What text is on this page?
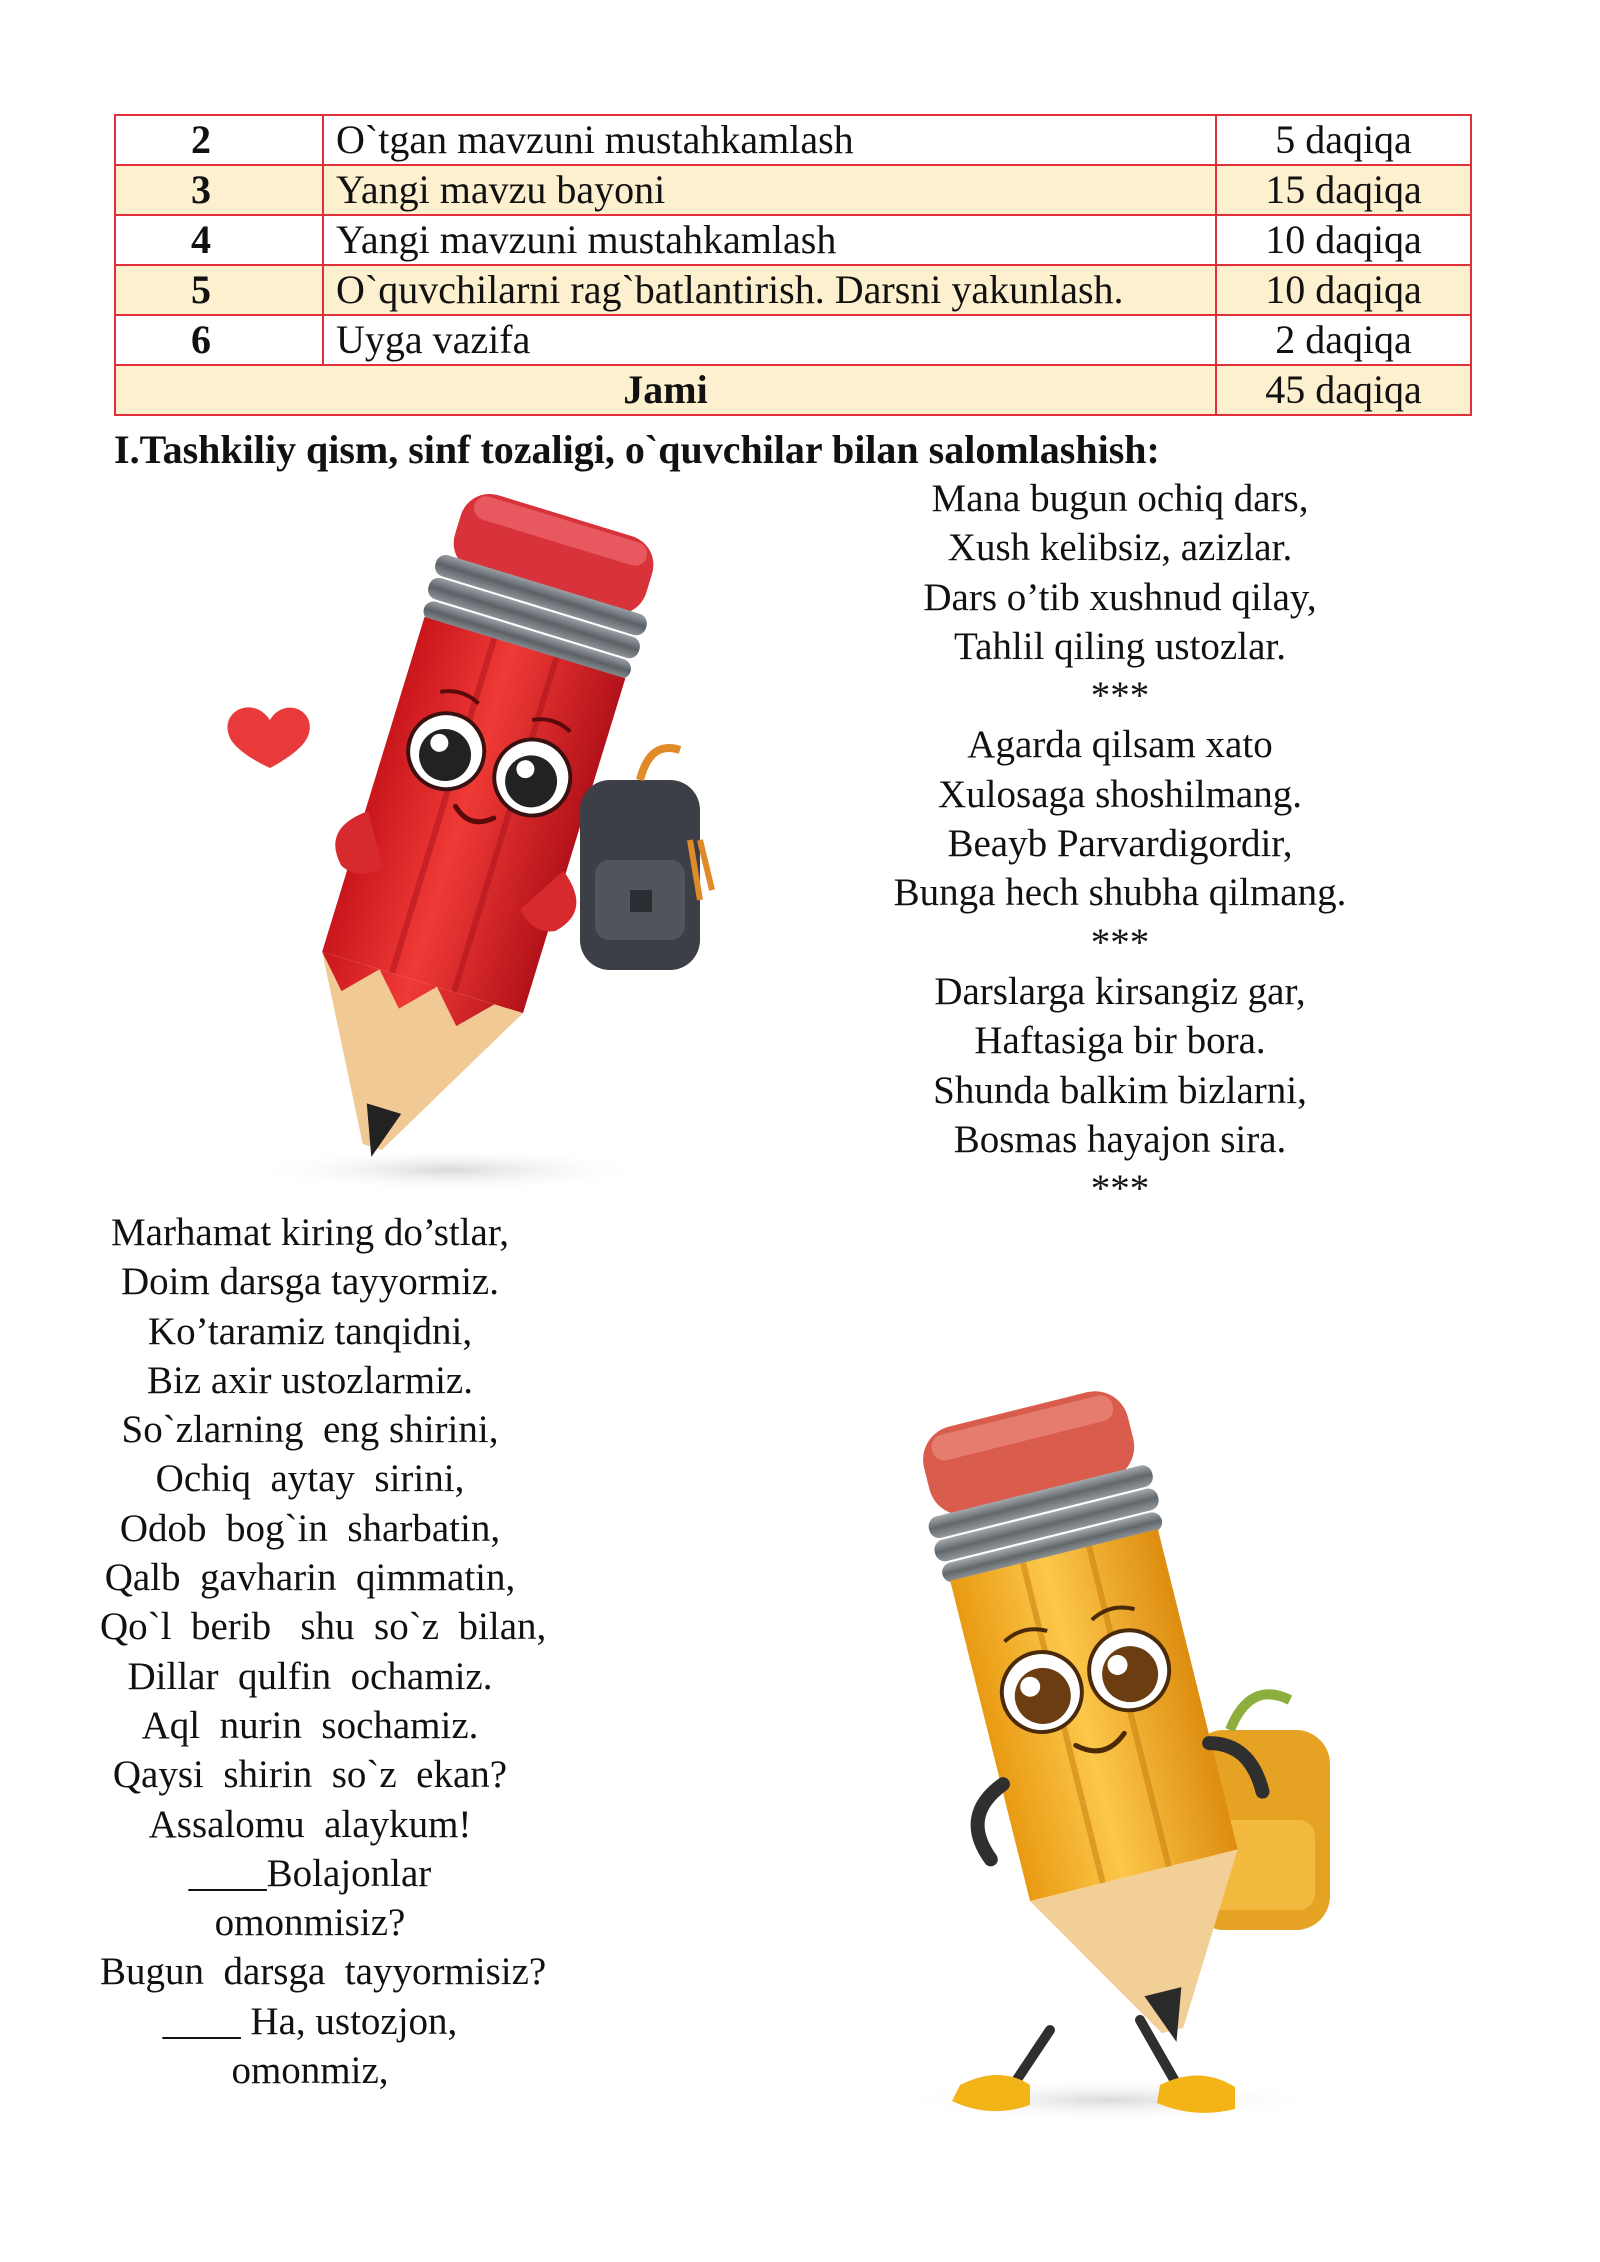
2	O`tgan mavzuni mustahkamlash	5 daqiqa
3	Yangi mavzu bayoni	15 daqiqa
4	Yangi mavzuni mustahkamlash	10 daqiqa
5	O`quvchilarni rag`batlantirish. Darsni yakunlash.	10 daqiqa
6	Uyga vazifa	2 daqiqa
Jami		45 daqiqa
I.Tashkiliy qism, sinf tozaligi, o`quvchilar bilan salomlashish:
Mana bugun ochiq dars,
Xush kelibsiz, azizlar.
Dars o’tib xushnud qilay,
Tahlil qiling ustozlar.
***
Agarda qilsam xato
Xulosaga shoshilmang.
Beayb Parvardigordir,
Bunga hech shubha qilmang.
***
Darslarga kirsangiz gar,
Haftasiga bir bora.
Shunda balkim bizlarni,
Bosmas hayajon sira.
***
Marhamat kiring do’stlar,
Doim darsga tayyormiz.
Ko’taramiz tanqidni,
Biz axir ustozlarmiz.
So`zlarning  eng shirini,
Ochiq  aytay  sirini,
Odob  bog`in  sharbatin,
Qalb  gavharin  qimmatin,
Qo`l  berib   shu  so`z  bilan,
Dillar  qulfin  ochamiz.
Aql  nurin  sochamiz.
Qaysi  shirin  so`z  ekan?
Assalomu  alaykum!
____Bolajonlar
omonmisiz?
Bugun  darsga  tayyormisiz?
____ Ha, ustozjon,
omonmiz,
